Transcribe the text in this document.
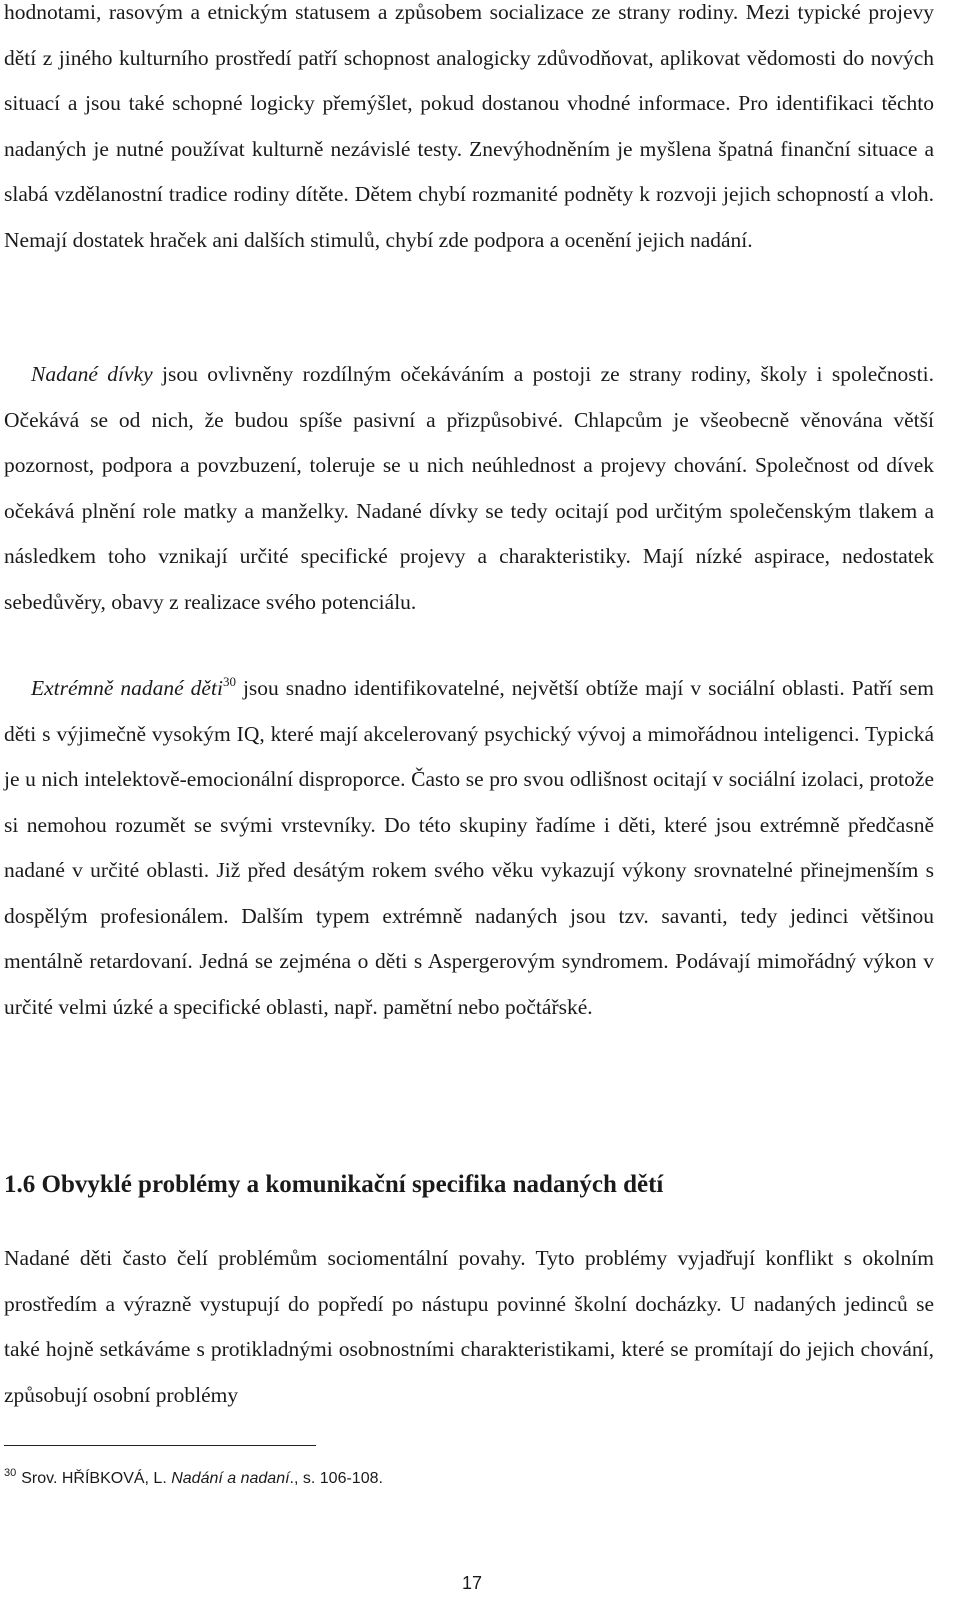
hodnotami, rasovým a etnickým statusem a způsobem socializace ze strany rodiny. Mezi typické projevy dětí z jiného kulturního prostředí patří schopnost analogicky zdůvodňovat, aplikovat vědomosti do nových situací a jsou také schopné logicky přemýšlet, pokud dostanou vhodné informace. Pro identifikaci těchto nadaných je nutné používat kulturně nezávislé testy. Znevýhodněním je myšlena špatná finanční situace a slabá vzdělanostní tradice rodiny dítěte. Dětem chybí rozmanité podněty k rozvoji jejich schopností a vloh. Nemají dostatek hraček ani dalších stimulů, chybí zde podpora a ocenění jejich nadání.

Nadané dívky jsou ovlivněny rozdílným očekáváním a postoji ze strany rodiny, školy i společnosti. Očekává se od nich, že budou spíše pasivní a přizpůsobivé. Chlapcům je všeobecně věnována větší pozornost, podpora a povzbuzení, toleruje se u nich neúhlednost a projevy chování. Společnost od dívek očekává plnění role matky a manželky. Nadané dívky se tedy ocitají pod určitým společenským tlakem a následkem toho vznikají určité specifické projevy a charakteristiky. Mají nízké aspirace, nedostatek sebedůvěry, obavy z realizace svého potenciálu.

Extrémně nadané děti$^{30}$ jsou snadno identifikovatelné, největší obtíže mají v sociální oblasti. Patří sem děti s výjimečně vysokým IQ, které mají akcelerovaný psychický vývoj a mimořádnou inteligenci. Typická je u nich intelektově-emocionální disproporce. Často se pro svou odlišnost ocitají v sociální izolaci, protože si nemohou rozumět se svými vrstevníky. Do této skupiny řadíme i děti, které jsou extrémně předčasně nadané v určité oblasti. Již před desátým rokem svého věku vykazují výkony srovnatelné přinejmenším s dospělým profesionálem. Dalším typem extrémně nadaných jsou tzv. savanti, tedy jedinci většinou mentálně retardovaní. Jedná se zejména o děti s Aspergerovým syndromem. Podávají mimořádný výkon v určité velmi úzké a specifické oblasti, např. pamětní nebo počtářské.

1.6 Obvyklé problémy a komunikační specifika nadaných dětí

Nadané děti často čelí problémům sociomentální povahy. Tyto problémy vyjadřují konflikt s okolním prostředím a výrazně vystupují do popředí po nástupu povinné školní docházky. U nadaných jedinců se také hojně setkáváme s protikladnými osobnostními charakteristikami, které se promítají do jejich chování, způsobují osobní problémy

$^{30}$ Srov. HŘÍBKOVÁ, L. Nadání a nadaní., s. 106-108.
17
